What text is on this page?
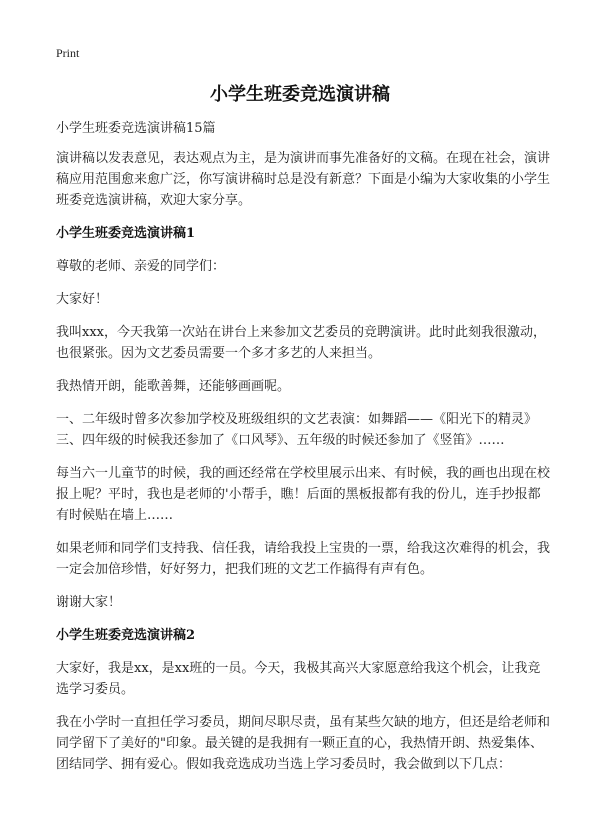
Print
小学生班委竞选演讲稿

小学生班委竞选演讲稿15篇

演讲稿以发表意见，表达观点为主，是为演讲而事先准备好的文稿。在现在社会，演讲稿应用范围愈来愈广泛，你写演讲稿时总是没有新意？下面是小编为大家收集的小学生班委竞选演讲稿，欢迎大家分享。

小学生班委竞选演讲稿1

尊敬的老师、亲爱的同学们：

大家好！

我叫xxx，今天我第一次站在讲台上来参加文艺委员的竞聘演讲。此时此刻我很激动，也很紧张。因为文艺委员需要一个多才多艺的人来担当。

我热情开朗，能歌善舞，还能够画画呢。

一、二年级时曾多次参加学校及班级组织的文艺表演：如舞蹈——《阳光下的精灵》三、四年级的时候我还参加了《口风琴》、五年级的时候还参加了《竖笛》……

每当六一儿童节的时候，我的画还经常在学校里展示出来、有时候，我的画也出现在校报上呢？平时，我也是老师的'小帮手，瞧！后面的黑板报都有我的份儿，连手抄报都有时候贴在墙上……

如果老师和同学们支持我、信任我，请给我投上宝贵的一票，给我这次难得的机会，我一定会加倍珍惜，好好努力，把我们班的文艺工作搞得有声有色。

谢谢大家！

小学生班委竞选演讲稿2

大家好，我是xx，是xx班的一员。今天，我极其高兴大家愿意给我这个机会，让我竞选学习委员。

我在小学时一直担任学习委员，期间尽职尽责，虽有某些欠缺的地方，但还是给老师和同学留下了美好的"印象。最关键的是我拥有一颗正直的心，我热情开朗、热爱集体、团结同学、拥有爱心。假如我竞选成功当选上学习委员时，我会做到以下几点：
